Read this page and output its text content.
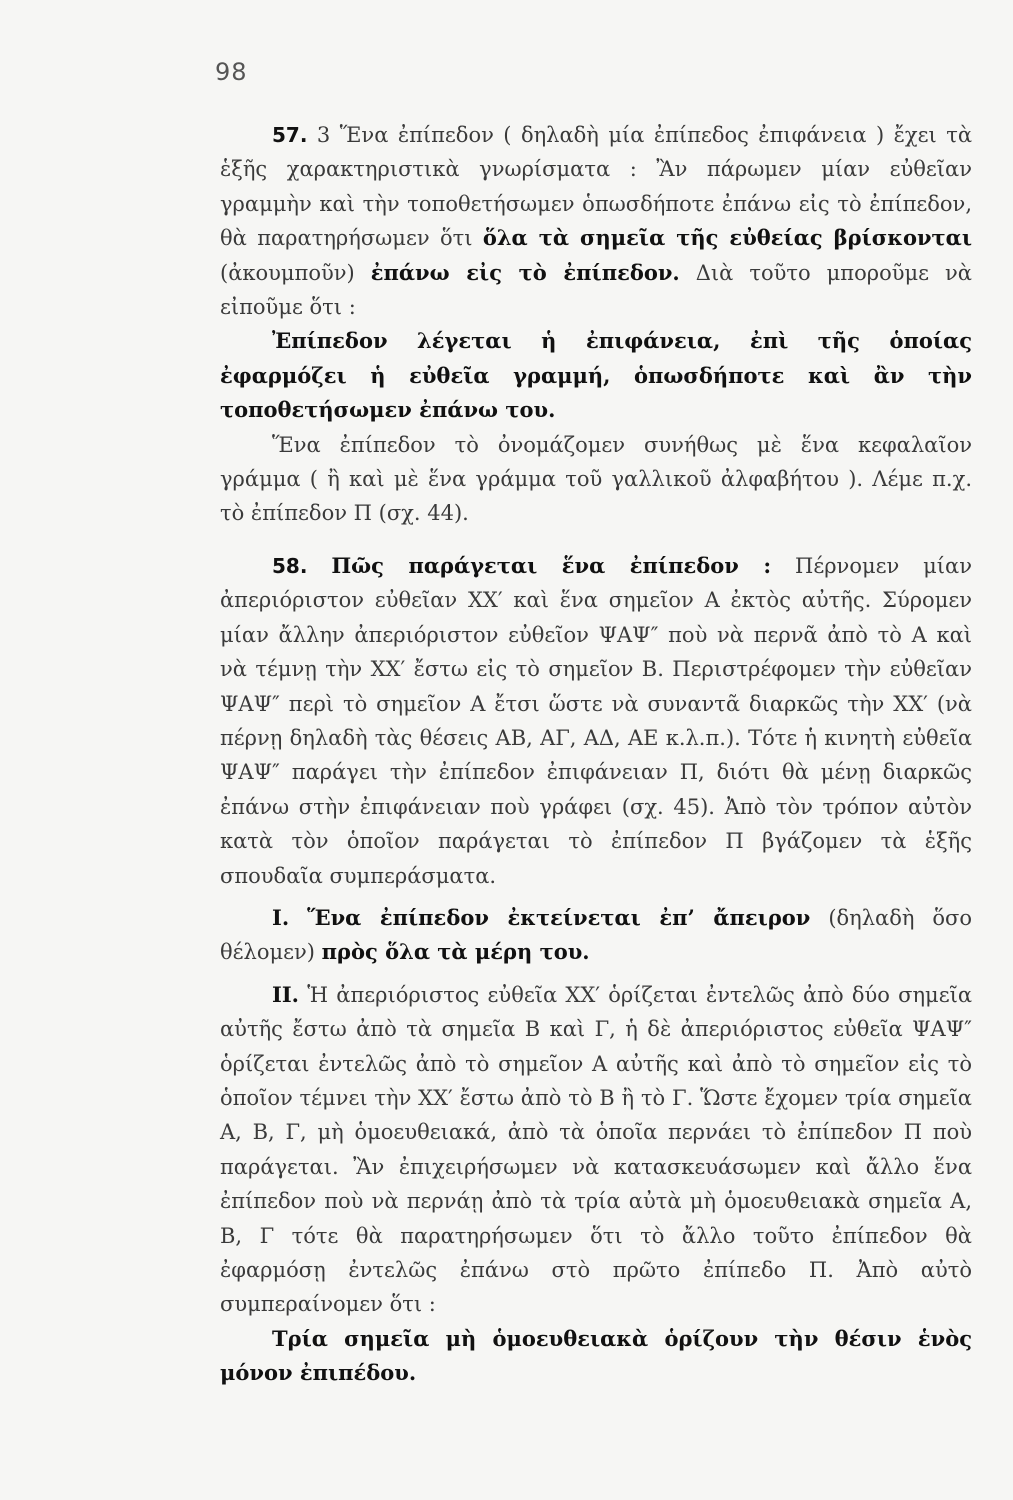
98

57. 3 Ἕνα ἐπίπεδον ( δηλαδὴ μία ἐπίπεδος ἐπιφάνεια ) ἔχει τὰ ἑξῆς χαρακτηριστικὰ γνωρίσματα : Ἂν πάρωμεν μίαν εὐθεῖαν γραμμὴν καὶ τὴν τοποθετήσωμεν ὁπωσδήποτε ἐπάνω εἰς τὸ ἐπίπεδον, θὰ παρατηρήσωμεν ὅτι ὅλα τὰ σημεῖα τῆς εὐθείας βρίσκονται (ἀκουμποῦν) ἐπάνω εἰς τὸ ἐπίπεδον. Διὰ τοῦτο μποροῦμε νὰ εἰποῦμε ὅτι :

Ἐπίπεδον λέγεται ἡ ἐπιφάνεια, ἐπὶ τῆς ὁποίας ἐφαρμόζει ἡ εὐθεῖα γραμμή, ὁπωσδήποτε καὶ ἂν τὴν τοποθετήσωμεν ἐπάνω του.

Ἕνα ἐπίπεδον τὸ ὀνομάζομεν συνήθως μὲ ἕνα κεφαλαῖον γράμμα ( ἢ καὶ μὲ ἕνα γράμμα τοῦ γαλλικοῦ ἀλφαβήτου ). Λέμε π.χ. τὸ ἐπίπεδον Π (σχ. 44).

58. Πῶς παράγεται ἕνα ἐπίπεδον : Πέρνομεν μίαν ἀπεριόριστον εὐθεῖαν ΧΧ′ καὶ ἕνα σημεῖον Α ἐκτὸς αὐτῆς. Σύρομεν μίαν ἄλλην ἀπεριόριστον εὐθεῖον ΨΑΨ″ ποὺ νὰ περνᾶ ἀπὸ τὸ Α καὶ νὰ τέμνῃ τὴν ΧΧ′ ἔστω εἰς τὸ σημεῖον Β. Περιστρέφομεν τὴν εὐθεῖαν ΨΑΨ″ περὶ τὸ σημεῖον Α ἔτσι ὥστε νὰ συναντᾶ διαρκῶς τὴν ΧΧ′ (νὰ πέρνῃ δηλαδὴ τὰς θέσεις ΑΒ, ΑΓ, ΑΔ, ΑΕ κ.λ.π.). Τότε ἡ κινητὴ εὐθεῖα ΨΑΨ″ παράγει τὴν ἐπίπεδον ἐπιφάνειαν Π, διότι θὰ μένῃ διαρκῶς ἐπάνω στὴν ἐπιφάνειαν ποὺ γράφει (σχ. 45). Ἀπὸ τὸν τρόπον αὐτὸν κατὰ τὸν ὁποῖον παράγεται τὸ ἐπίπεδον Π βγάζομεν τὰ ἑξῆς σπουδαῖα συμπεράσματα.

I. Ἕνα ἐπίπεδον ἐκτείνεται ἐπ’ ἄπειρον (δηλαδὴ ὅσο θέλομεν) πρὸς ὅλα τὰ μέρη του.

II. Ἡ ἀπεριόριστος εὐθεῖα ΧΧ′ ὁρίζεται ἐντελῶς ἀπὸ δύο σημεῖα αὐτῆς ἔστω ἀπὸ τὰ σημεῖα Β καὶ Γ, ἡ δὲ ἀπεριόριστος εὐθεῖα ΨΑΨ″ ὁρίζεται ἐντελῶς ἀπὸ τὸ σημεῖον Α αὐτῆς καὶ ἀπὸ τὸ σημεῖον εἰς τὸ ὁποῖον τέμνει τὴν ΧΧ′ ἔστω ἀπὸ τὸ Β ἢ τὸ Γ. Ὥστε ἔχομεν τρία σημεῖα Α, Β, Γ, μὴ ὁμοευθειακά, ἀπὸ τὰ ὁποῖα περνάει τὸ ἐπίπεδον Π ποὺ παράγεται. Ἂν ἐπιχειρήσωμεν νὰ κατασκευάσωμεν καὶ ἄλλο ἕνα ἐπίπεδον ποὺ νὰ περνάῃ ἀπὸ τὰ τρία αὐτὰ μὴ ὁμοευθειακὰ σημεῖα Α, Β, Γ τότε θὰ παρατηρήσωμεν ὅτι τὸ ἄλλο τοῦτο ἐπίπεδον θὰ ἐφαρμόσῃ ἐντελῶς ἐπάνω στὸ πρῶτο ἐπίπεδο Π. Ἀπὸ αὐτὸ συμπεραίνομεν ὅτι :

Τρία σημεῖα μὴ ὁμοευθειακὰ ὁρίζουν τὴν θέσιν ἑνὸς μόνον ἐπιπέδου.
